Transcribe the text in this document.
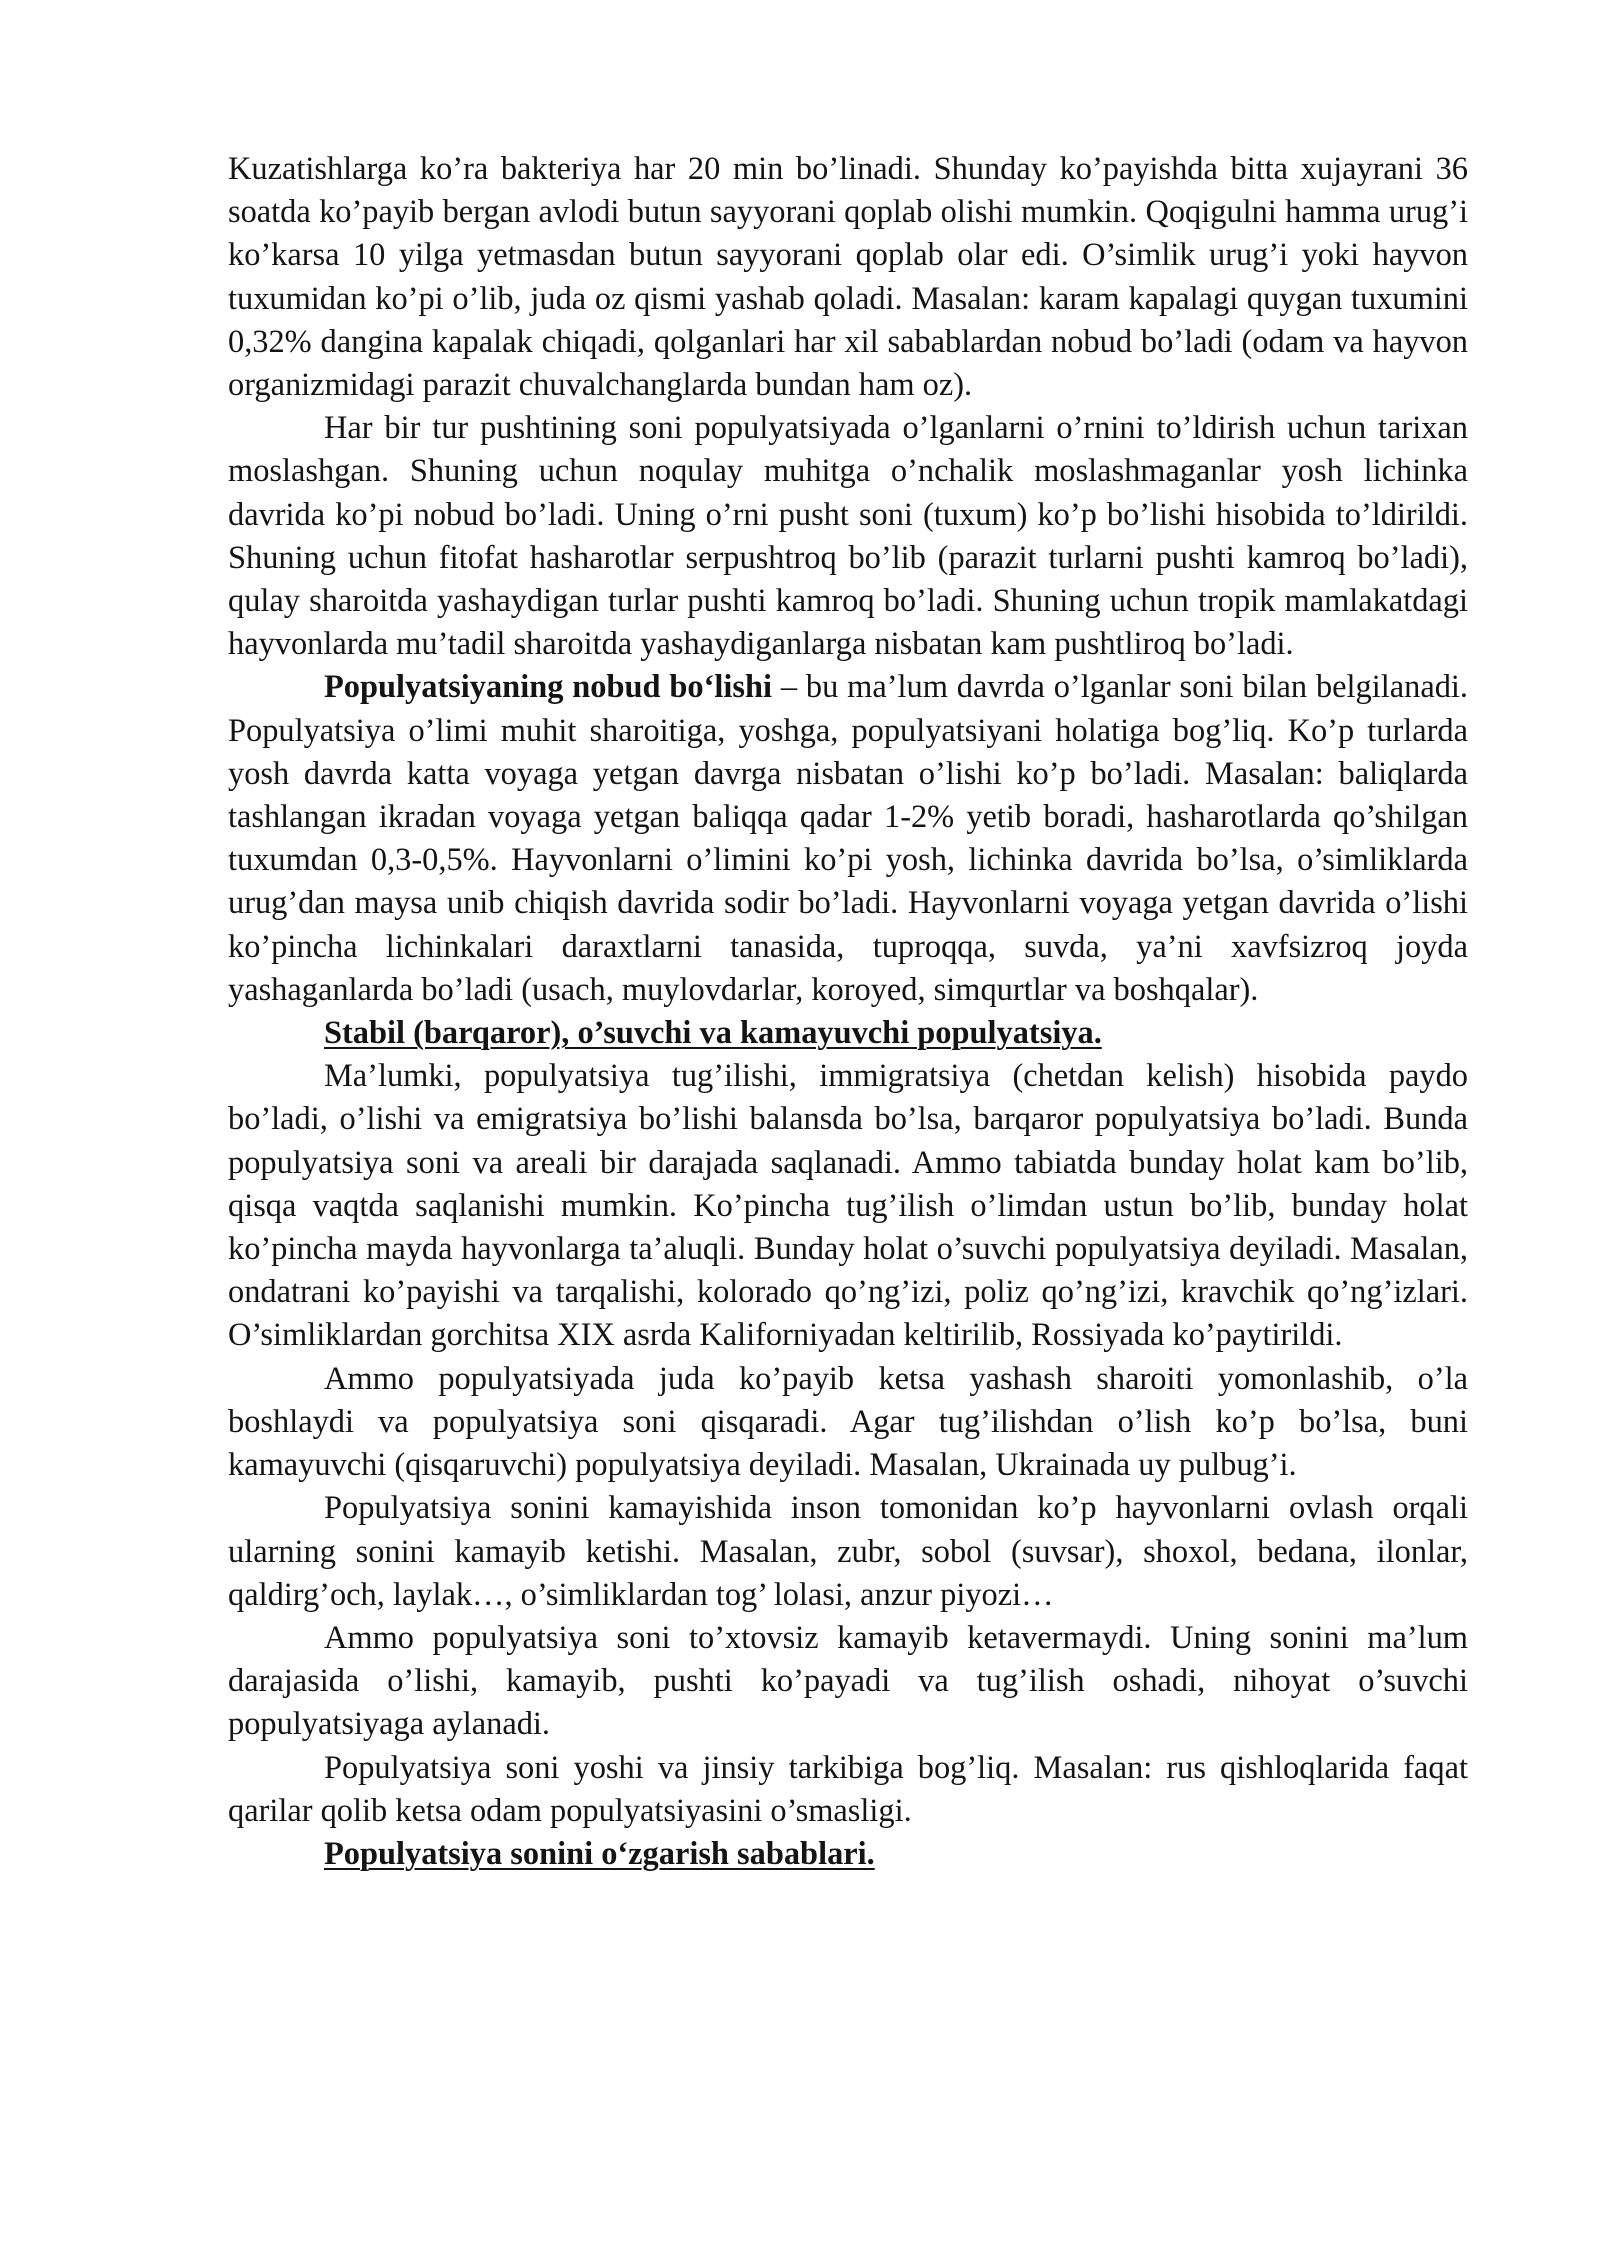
Kuzatishlarga ko’ra bakteriya har 20 min bo’linadi. Shunday ko’payishda bitta xujayrani 36 soatda ko’payib bergan avlodi butun sayyorani qoplab olishi mumkin. Qoqigulni hamma urug’i ko’karsa 10 yilga yetmasdan butun sayyorani qoplab olar edi. O’simlik urug’i yoki hayvon tuxumidan ko’pi o’lib, juda oz qismi yashab qoladi. Masalan: karam kapalagi quygan tuxumini 0,32% dangina kapalak chiqadi, qolganlari har xil sabablardan nobud bo’ladi (odam va hayvon organizmidagi parazit chuvalchanglarda bundan ham oz).

Har bir tur pushtining soni populyatsiyada o’lganlarni o’rnini to’ldirish uchun tarixan moslashgan. Shuning uchun noqulay muhitga o’nchalik moslashmaganlar yosh lichinka davrida ko’pi nobud bo’ladi. Uning o’rni pusht soni (tuxum) ko’p bo’lishi hisobida to’ldirildi. Shuning uchun fitofat hasharotlar serpushtroq bo’lib (parazit turlarni pushti kamroq bo’ladi), qulay sharoitda yashaydigan turlar pushti kamroq bo’ladi. Shuning uchun tropik mamlakatdagi hayvonlarda mu’tadil sharoitda yashaydiganlarga nisbatan kam pushtliroq bo’ladi.

Populyatsiyaning nobud bo‘lishi – bu ma’lum davrda o’lganlar soni bilan belgilanadi. Populyatsiya o’limi muhit sharoitiga, yoshga, populyatsiyani holatiga bog’liq. Ko’p turlarda yosh davrda katta voyaga yetgan davrga nisbatan o’lishi ko’p bo’ladi. Masalan: baliqlarda tashlangan ikradan voyaga yetgan baliqqa qadar 1-2% yetib boradi, hasharotlarda qo’shilgan tuxumdan 0,3-0,5%. Hayvonlarni o’limini ko’pi yosh, lichinka davrida bo’lsa, o’simliklarda urug’dan maysa unib chiqish davrida sodir bo’ladi. Hayvonlarni voyaga yetgan davrida o’lishi ko’pincha lichinkalari daraxtlarni tanasida, tuproqqa, suvda, ya’ni xavfsizroq joyda yashaganlarda bo’ladi (usach, muylovdarlar, koroyed, simqurtlar va boshqalar).

Stabil (barqaror), o’suvchi va kamayuvchi populyatsiya.

Ma’lumki, populyatsiya tug’ilishi, immigratsiya (chetdan kelish) hisobida paydo bo’ladi, o’lishi va emigratsiya bo’lishi balansda bo’lsa, barqaror populyatsiya bo’ladi. Bunda populyatsiya soni va areali bir darajada saqlanadi. Ammo tabiatda bunday holat kam bo’lib, qisqa vaqtda saqlanishi mumkin. Ko’pincha tug’ilish o’limdan ustun bo’lib, bunday holat ko’pincha mayda hayvonlarga ta’aluqli. Bunday holat o’suvchi populyatsiya deyiladi. Masalan, ondatrani ko’payishi va tarqalishi, kolorado qo’ng’izi, poliz qo’ng’izi, kravchik qo’ng’izlari. O’simliklardan gorchitsa XIX asrda Kaliforniyadan keltirilib, Rossiyada ko’paytirildi.

Ammo populyatsiyada juda ko’payib ketsa yashash sharoiti yomonlashib, o’la boshlaydi va populyatsiya soni qisqaradi. Agar tug’ilishdan o’lish ko’p bo’lsa, buni kamayuvchi (qisqaruvchi) populyatsiya deyiladi. Masalan, Ukrainada uy pulbug’i.

Populyatsiya sonini kamayishida inson tomonidan ko’p hayvonlarni ovlash orqali ularning sonini kamayib ketishi. Masalan, zubr, sobol (suvsar), shoxol, bedana, ilonlar, qaldirg’och, laylak…, o’simliklardan tog’ lolasi, anzur piyozi…

Ammo populyatsiya soni to’xtovsiz kamayib ketavermaydi. Uning sonini ma’lum darajasida o’lishi, kamayib, pushti ko’payadi va tug’ilish oshadi, nihoyat o’suvchi populyatsiyaga aylanadi.

Populyatsiya soni yoshi va jinsiy tarkibiga bog’liq. Masalan: rus qishloqlarida faqat qarilar qolib ketsa odam populyatsiyasini o’smasligi.

Populyatsiya sonini o‘zgarish sabablari.
